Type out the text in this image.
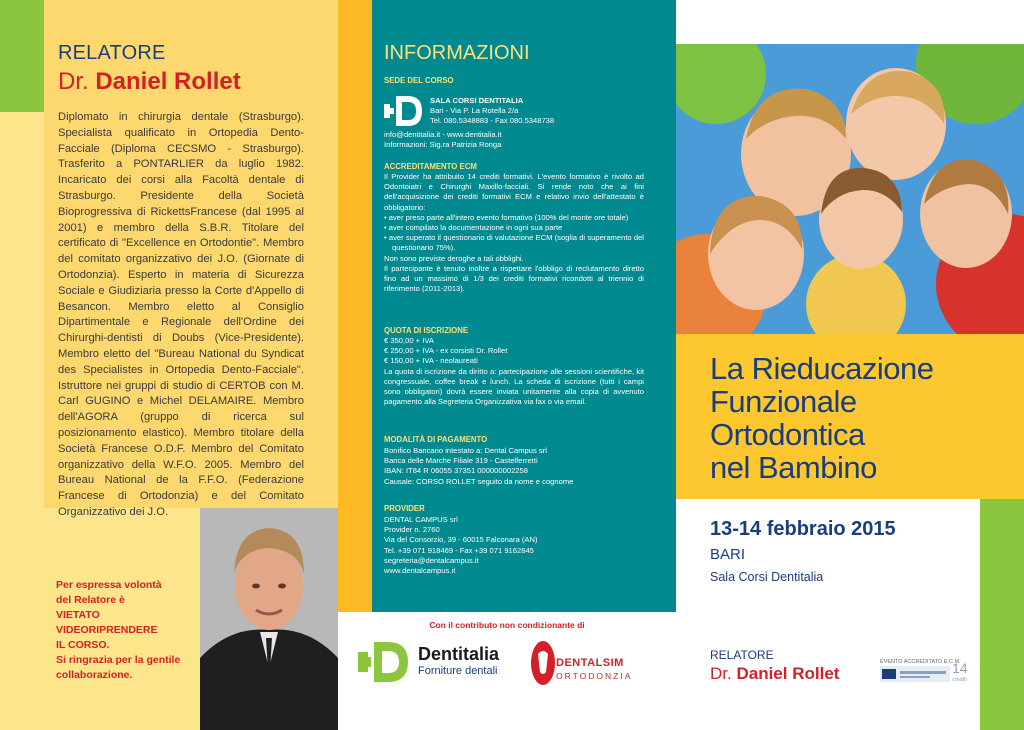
RELATORE
Dr. Daniel Rollet
Diplomato in chirurgia dentale (Strasburgo). Specialista qualificato in Ortopedia Dento-Facciale (Diploma CECSMO - Strasburgo). Trasferito a PONTARLIER da luglio 1982. Incaricato dei corsi alla Facoltà dentale di Strasburgo. Presidente della Società Bioprogressiva di RickettsFrancese (dal 1995 al 2001) e membro della S.B.R. Titolare del certificato di "Excellence en Ortodontie". Membro del comitato organizzativo dei J.O. (Giornate di Ortodonzia). Esperto in materia di Sicurezza Sociale e Giudiziaria presso la Corte d'Appello di Besancon. Membro eletto al Consiglio Dipartimentale e Regionale dell'Ordine dei Chirurghi-dentisti di Doubs (Vice-Presidente). Membro eletto del "Bureau National du Syndicat des Specialistes in Ortopedia Dento-Facciale". Istruttore nei gruppi di studio di CERTOB con M. Carl GUGINO e Michel DELAMAIRE. Membro dell'AGORA (gruppo di ricerca sul posizionamento elastico). Membro titolare della Società Francese O.D.F. Membro del Comitato organizzativo della W.F.O. 2005. Membro del Bureau National de la F.F.O. (Federazione Francese di Ortodonzia) e del Comitato Organizzativo dei J.O.
Per espressa volontà
del Relatore è
VIETATO
VIDEORIPRENDERE
IL CORSO.
Si ringrazia per la gentile
collaborazione.
INFORMAZIONI
SEDE DEL CORSO
SALA CORSI DENTITALIA
Bari - Via P. La Rotella 2/a
Tel. 080.5348883 - Fax 080.5348738
info@dentitalia.it - www.dentitalia.it
Informazioni: Sig.ra Patrizia Ronga
ACCREDITAMENTO ECM
Il Provider ha attribuito 14 crediti formativi. L'evento formativo è rivolto ad Odontoiatri e Chirurghi Maxillo-facciali. Si rende noto che ai fini dell'acquisizione dei crediti formativi ECM e relativo invio dell'attestato è obbligatorio:
• aver preso parte all'intero evento formativo (100% del monte ore totale)
• aver compilato la documentazione in ogni sua parte
• aver superato il questionario di valutazione ECM (soglia di superamento del questionario 75%).
Non sono previste deroghe a tali obblighi.
Il partecipante è tenuto inoltre a rispettare l'obbligo di reclutamento diretto fino ad un massimo di 1/3 dei crediti formativi ricondotti al triennio di riferimento (2011-2013).
QUOTA DI ISCRIZIONE
€ 350,00 + IVA
€ 250,00 + IVA - ex corsisti Dr. Rollet
€ 150,00 + IVA - neolaureati
La quota di iscrizione da diritto a: partecipazione alle sessioni scientifiche, kit congressuale, coffee break e lunch. La scheda di iscrizione (tutti i campi sono obbligatori) dovrà essere inviata unitamente alla copia di avvenuto pagamento alla Segreteria Organizzativa via fax o via email.
MODALITÀ DI PAGAMENTO
Bonifico Bancario intestato a: Dental Campus srl
Banca delle Marche Filiale 319 - Castelferretti
IBAN: IT84 R 06055 37351 000000002258
Causale: CORSO ROLLET seguito da nome e cognome
PROVIDER
DENTAL CAMPUS srl
Provider n. 2760
Via del Consorzio, 39 - 60015 Falconara (AN)
Tel. +39 071 918469 - Fax +39 071 9162845
segreteria@dentalcampus.it
www.dentalcampus.it
Con il contributo non condizionante di
Dentitalia
Forniture dentali
DENTALSIM
ORTODONZIA
La Rieducazione
Funzionale
Ortodontica
nel Bambino
13-14 febbraio 2015
BARI
Sala Corsi Dentitalia
RELATORE
Dr. Daniel Rollet
EVENTO ACCREDITATO E.C.M.
14
crediti
